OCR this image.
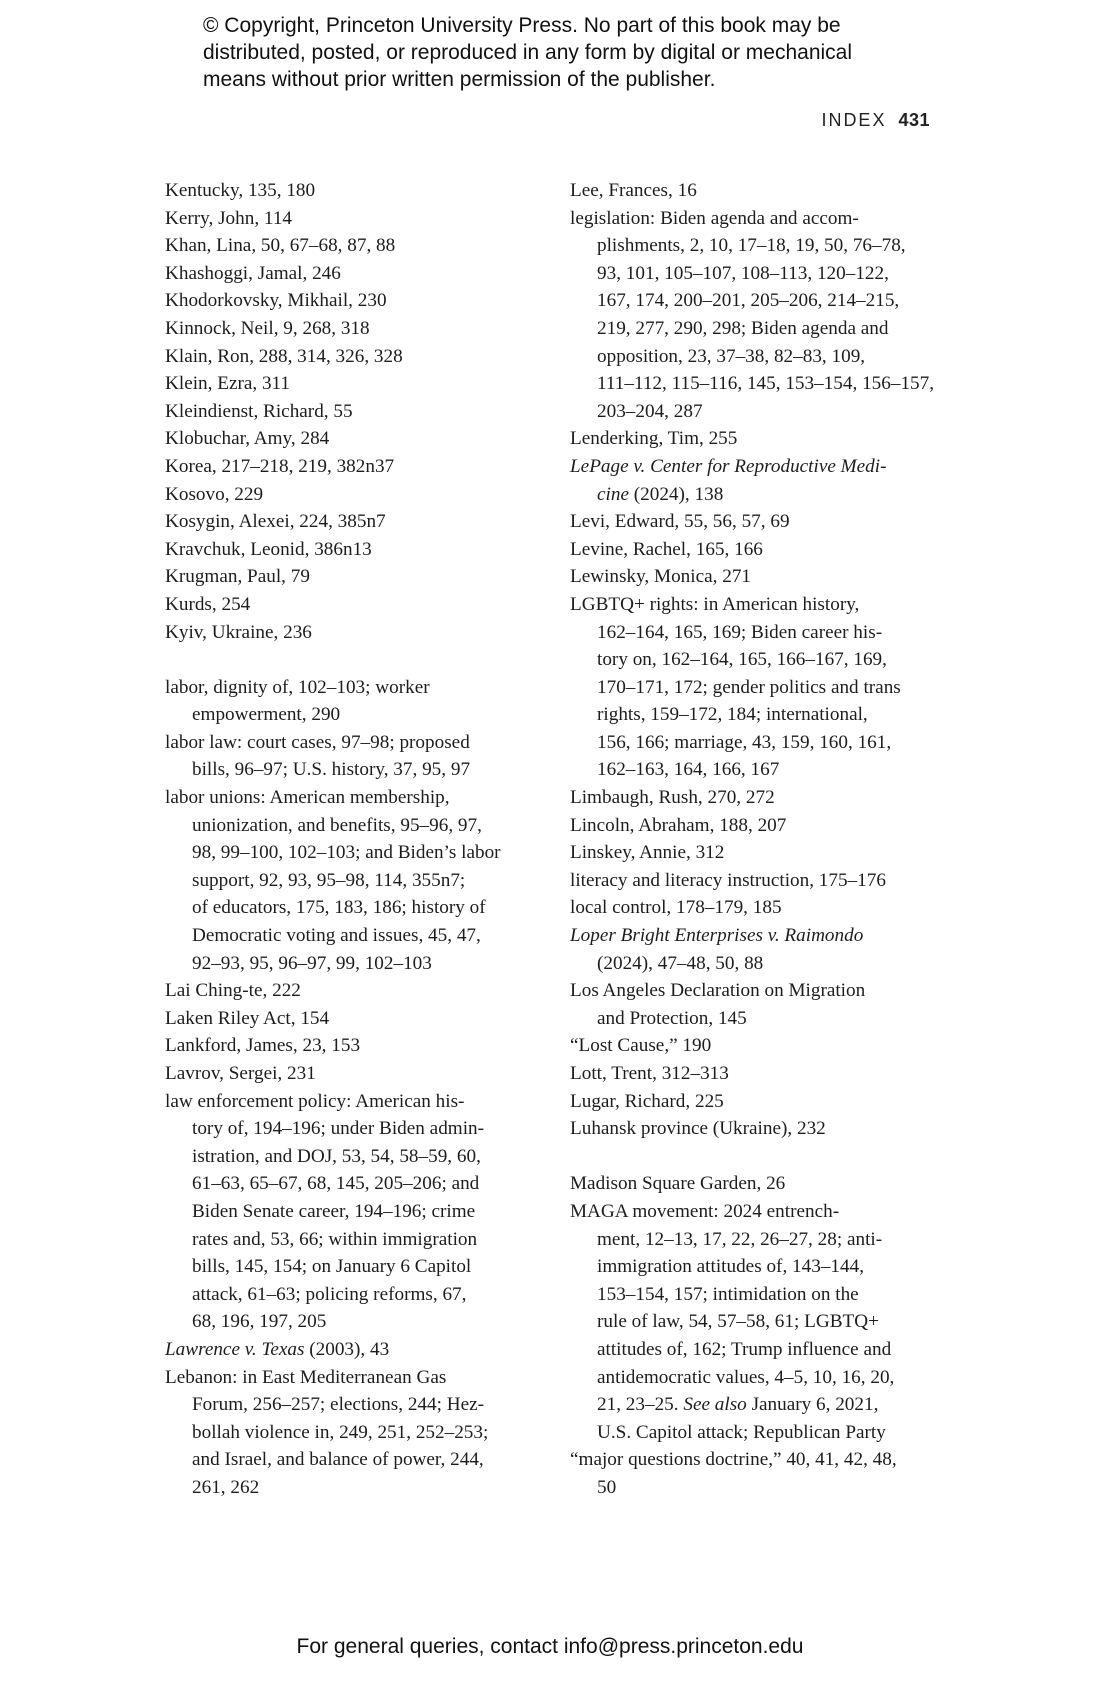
© Copyright, Princeton University Press. No part of this book may be
distributed, posted, or reproduced in any form by digital or mechanical
means without prior written permission of the publisher.
INDEX 431
Kentucky, 135, 180
Kerry, John, 114
Khan, Lina, 50, 67–68, 87, 88
Khashoggi, Jamal, 246
Khodorkovsky, Mikhail, 230
Kinnock, Neil, 9, 268, 318
Klain, Ron, 288, 314, 326, 328
Klein, Ezra, 311
Kleindienst, Richard, 55
Klobuchar, Amy, 284
Korea, 217–218, 219, 382n37
Kosovo, 229
Kosygin, Alexei, 224, 385n7
Kravchuk, Leonid, 386n13
Krugman, Paul, 79
Kurds, 254
Kyiv, Ukraine, 236
labor, dignity of, 102–103; worker
empowerment, 290
labor law: court cases, 97–98; proposed
bills, 96–97; U.S. history, 37, 95, 97
labor unions: American membership,
unionization, and benefits, 95–96, 97,
98, 99–100, 102–103; and Biden’s labor
support, 92, 93, 95–98, 114, 355n7;
of educators, 175, 183, 186; history of
Democratic voting and issues, 45, 47,
92–93, 95, 96–97, 99, 102–103
Lai Ching-te, 222
Laken Riley Act, 154
Lankford, James, 23, 153
Lavrov, Sergei, 231
law enforcement policy: American his-
tory of, 194–196; under Biden admin-
istration, and DOJ, 53, 54, 58–59, 60,
61–63, 65–67, 68, 145, 205–206; and
Biden Senate career, 194–196; crime
rates and, 53, 66; within immigration
bills, 145, 154; on January 6 Capitol
attack, 61–63; policing reforms, 67,
68, 196, 197, 205
Lawrence v. Texas (2003), 43
Lebanon: in East Mediterranean Gas
Forum, 256–257; elections, 244; Hez-
bollah violence in, 249, 251, 252–253;
and Israel, and balance of power, 244,
261, 262
Lee, Frances, 16
legislation: Biden agenda and accom-
plishments, 2, 10, 17–18, 19, 50, 76–78,
93, 101, 105–107, 108–113, 120–122,
167, 174, 200–201, 205–206, 214–215,
219, 277, 290, 298; Biden agenda and
opposition, 23, 37–38, 82–83, 109,
111–112, 115–116, 145, 153–154, 156–157,
203–204, 287
Lenderking, Tim, 255
LePage v. Center for Reproductive Medi-
cine (2024), 138
Levi, Edward, 55, 56, 57, 69
Levine, Rachel, 165, 166
Lewinsky, Monica, 271
LGBTQ+ rights: in American history,
162–164, 165, 169; Biden career his-
tory on, 162–164, 165, 166–167, 169,
170–171, 172; gender politics and trans
rights, 159–172, 184; international,
156, 166; marriage, 43, 159, 160, 161,
162–163, 164, 166, 167
Limbaugh, Rush, 270, 272
Lincoln, Abraham, 188, 207
Linskey, Annie, 312
literacy and literacy instruction, 175–176
local control, 178–179, 185
Loper Bright Enterprises v. Raimondo
(2024), 47–48, 50, 88
Los Angeles Declaration on Migration
and Protection, 145
“Lost Cause,” 190
Lott, Trent, 312–313
Lugar, Richard, 225
Luhansk province (Ukraine), 232
Madison Square Garden, 26
MAGA movement: 2024 entrench-
ment, 12–13, 17, 22, 26–27, 28; anti-
immigration attitudes of, 143–144,
153–154, 157; intimidation on the
rule of law, 54, 57–58, 61; LGBTQ+
attitudes of, 162; Trump influence and
antidemocratic values, 4–5, 10, 16, 20,
21, 23–25. See also January 6, 2021,
U.S. Capitol attack; Republican Party
“major questions doctrine,” 40, 41, 42, 48,
50
For general queries, contact info@press.princeton.edu
